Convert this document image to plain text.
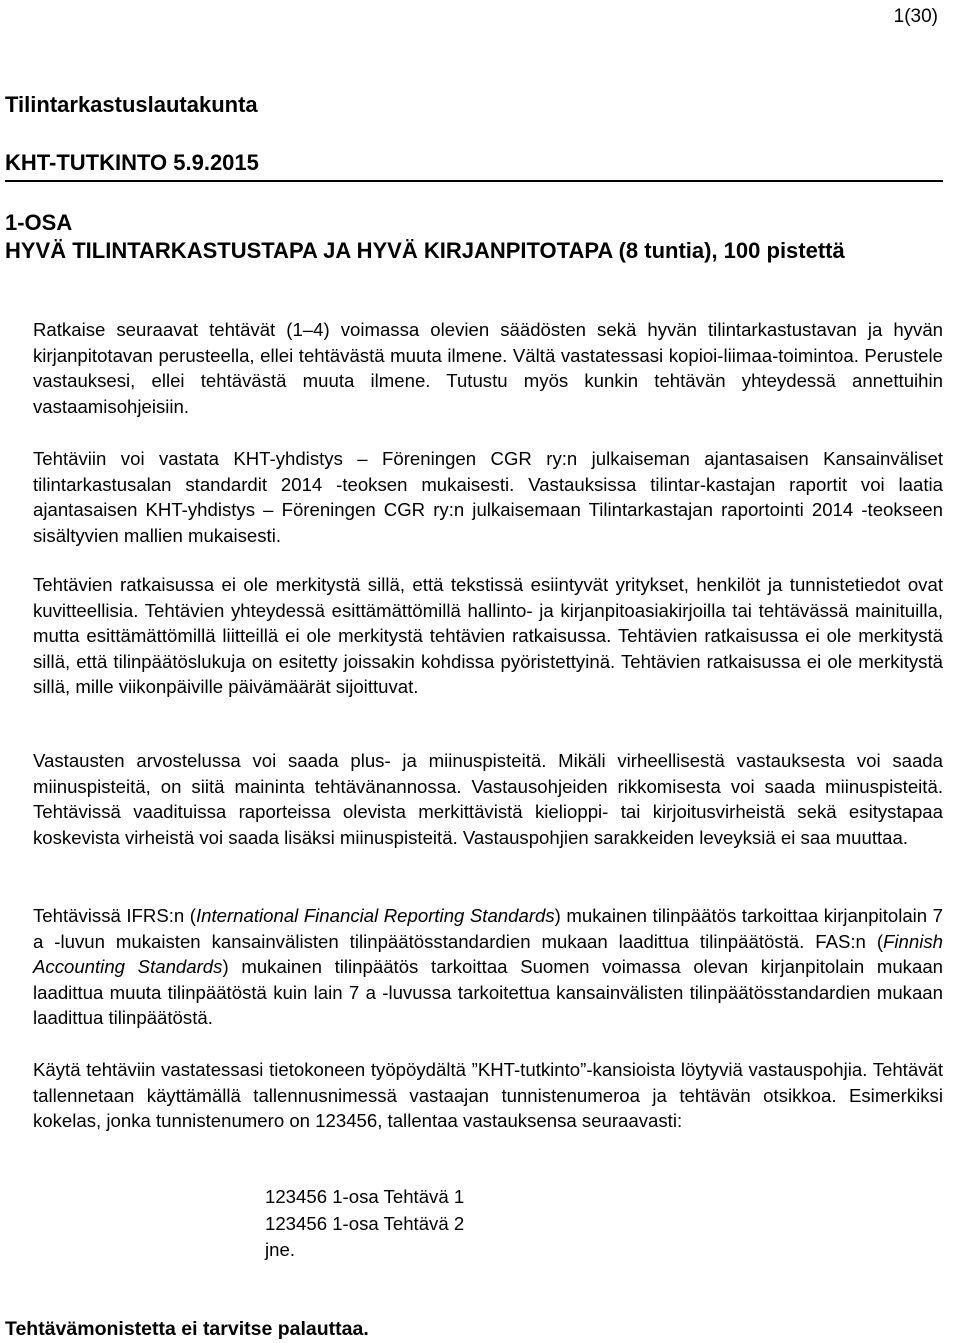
1(30)
Tilintarkastuslautakunta
KHT-TUTKINTO 5.9.2015
1-OSA
HYVÄ TILINTARKASTUSTAPA JA HYVÄ KIRJANPITOTAPA (8 tuntia), 100 pistettä

Ratkaise seuraavat tehtävät (1–4) voimassa olevien säädösten sekä hyvän tilintarkastustavan ja hyvän kirjanpitotavan perusteella, ellei tehtävästä muuta ilmene. Vältä vastatessasi kopioi-liimaa-toimintoa. Perustele vastauksesi, ellei tehtävästä muuta ilmene. Tutustu myös kunkin tehtävän yhteydessä annettuihin vastaamisohjeisiin.

Tehtäviin voi vastata KHT-yhdistys – Föreningen CGR ry:n julkaiseman ajantasaisen Kansainväliset tilintarkastusalan standardit 2014 -teoksen mukaisesti. Vastauksissa tilintar-kastajan raportit voi laatia ajantasaisen KHT-yhdistys – Föreningen CGR ry:n julkaisemaan Tilintarkastajan raportointi 2014 -teokseen sisältyvien mallien mukaisesti.

Tehtävien ratkaisussa ei ole merkitystä sillä, että tekstissä esiintyvät yritykset, henkilöt ja tunnistetiedot ovat kuvitteellisia. Tehtävien yhteydessä esittämättömillä hallinto- ja kirjanpitoasiakirjoilla tai tehtävässä mainituilla, mutta esittämättömillä liitteillä ei ole merkitystä tehtävien ratkaisussa. Tehtävien ratkaisussa ei ole merkitystä sillä, että tilinpäätöslukuja on esitetty joissakin kohdissa pyöristettyinä. Tehtävien ratkaisussa ei ole merkitystä sillä, mille viikonpäiville päivämäärät sijoittuvat.

Vastausten arvostelussa voi saada plus- ja miinuspisteitä. Mikäli virheellisestä vastauksesta voi saada miinuspisteitä, on siitä maininta tehtävänannossa. Vastausohjeiden rikkomisesta voi saada miinuspisteitä. Tehtävissä vaadituissa raporteissa olevista merkittävistä kielioppi- tai kirjoitusvirheistä sekä esitystapaa koskevista virheistä voi saada lisäksi miinuspisteitä. Vastauspohjien sarakkeiden leveyksiä ei saa muuttaa.

Tehtävissä IFRS:n (International Financial Reporting Standards) mukainen tilinpäätös tarkoittaa kirjanpitolain 7 a -luvun mukaisten kansainvälisten tilinpäätösstandardien mukaan laadittua tilinpäätöstä. FAS:n (Finnish Accounting Standards) mukainen tilinpäätös tarkoittaa Suomen voimassa olevan kirjanpitolain mukaan laadittua muuta tilinpäätöstä kuin lain 7 a -luvussa tarkoitettua kansainvälisten tilinpäätösstandardien mukaan laadittua tilinpäätöstä.

Käytä tehtäviin vastatessasi tietokoneen työpöydältä ”KHT-tutkinto”-kansioista löytyviä vastauspohjia. Tehtävät tallennetaan käyttämällä tallennusnimessä vastaajan tunnistenumeroa ja tehtävän otsikkoa. Esimerkiksi kokelas, jonka tunnistenumero on 123456, tallentaa vastauksensa seuraavasti:

123456 1-osa Tehtävä 1
123456 1-osa Tehtävä 2
jne.
Tehtävämonistetta ei tarvitse palauttaa.
